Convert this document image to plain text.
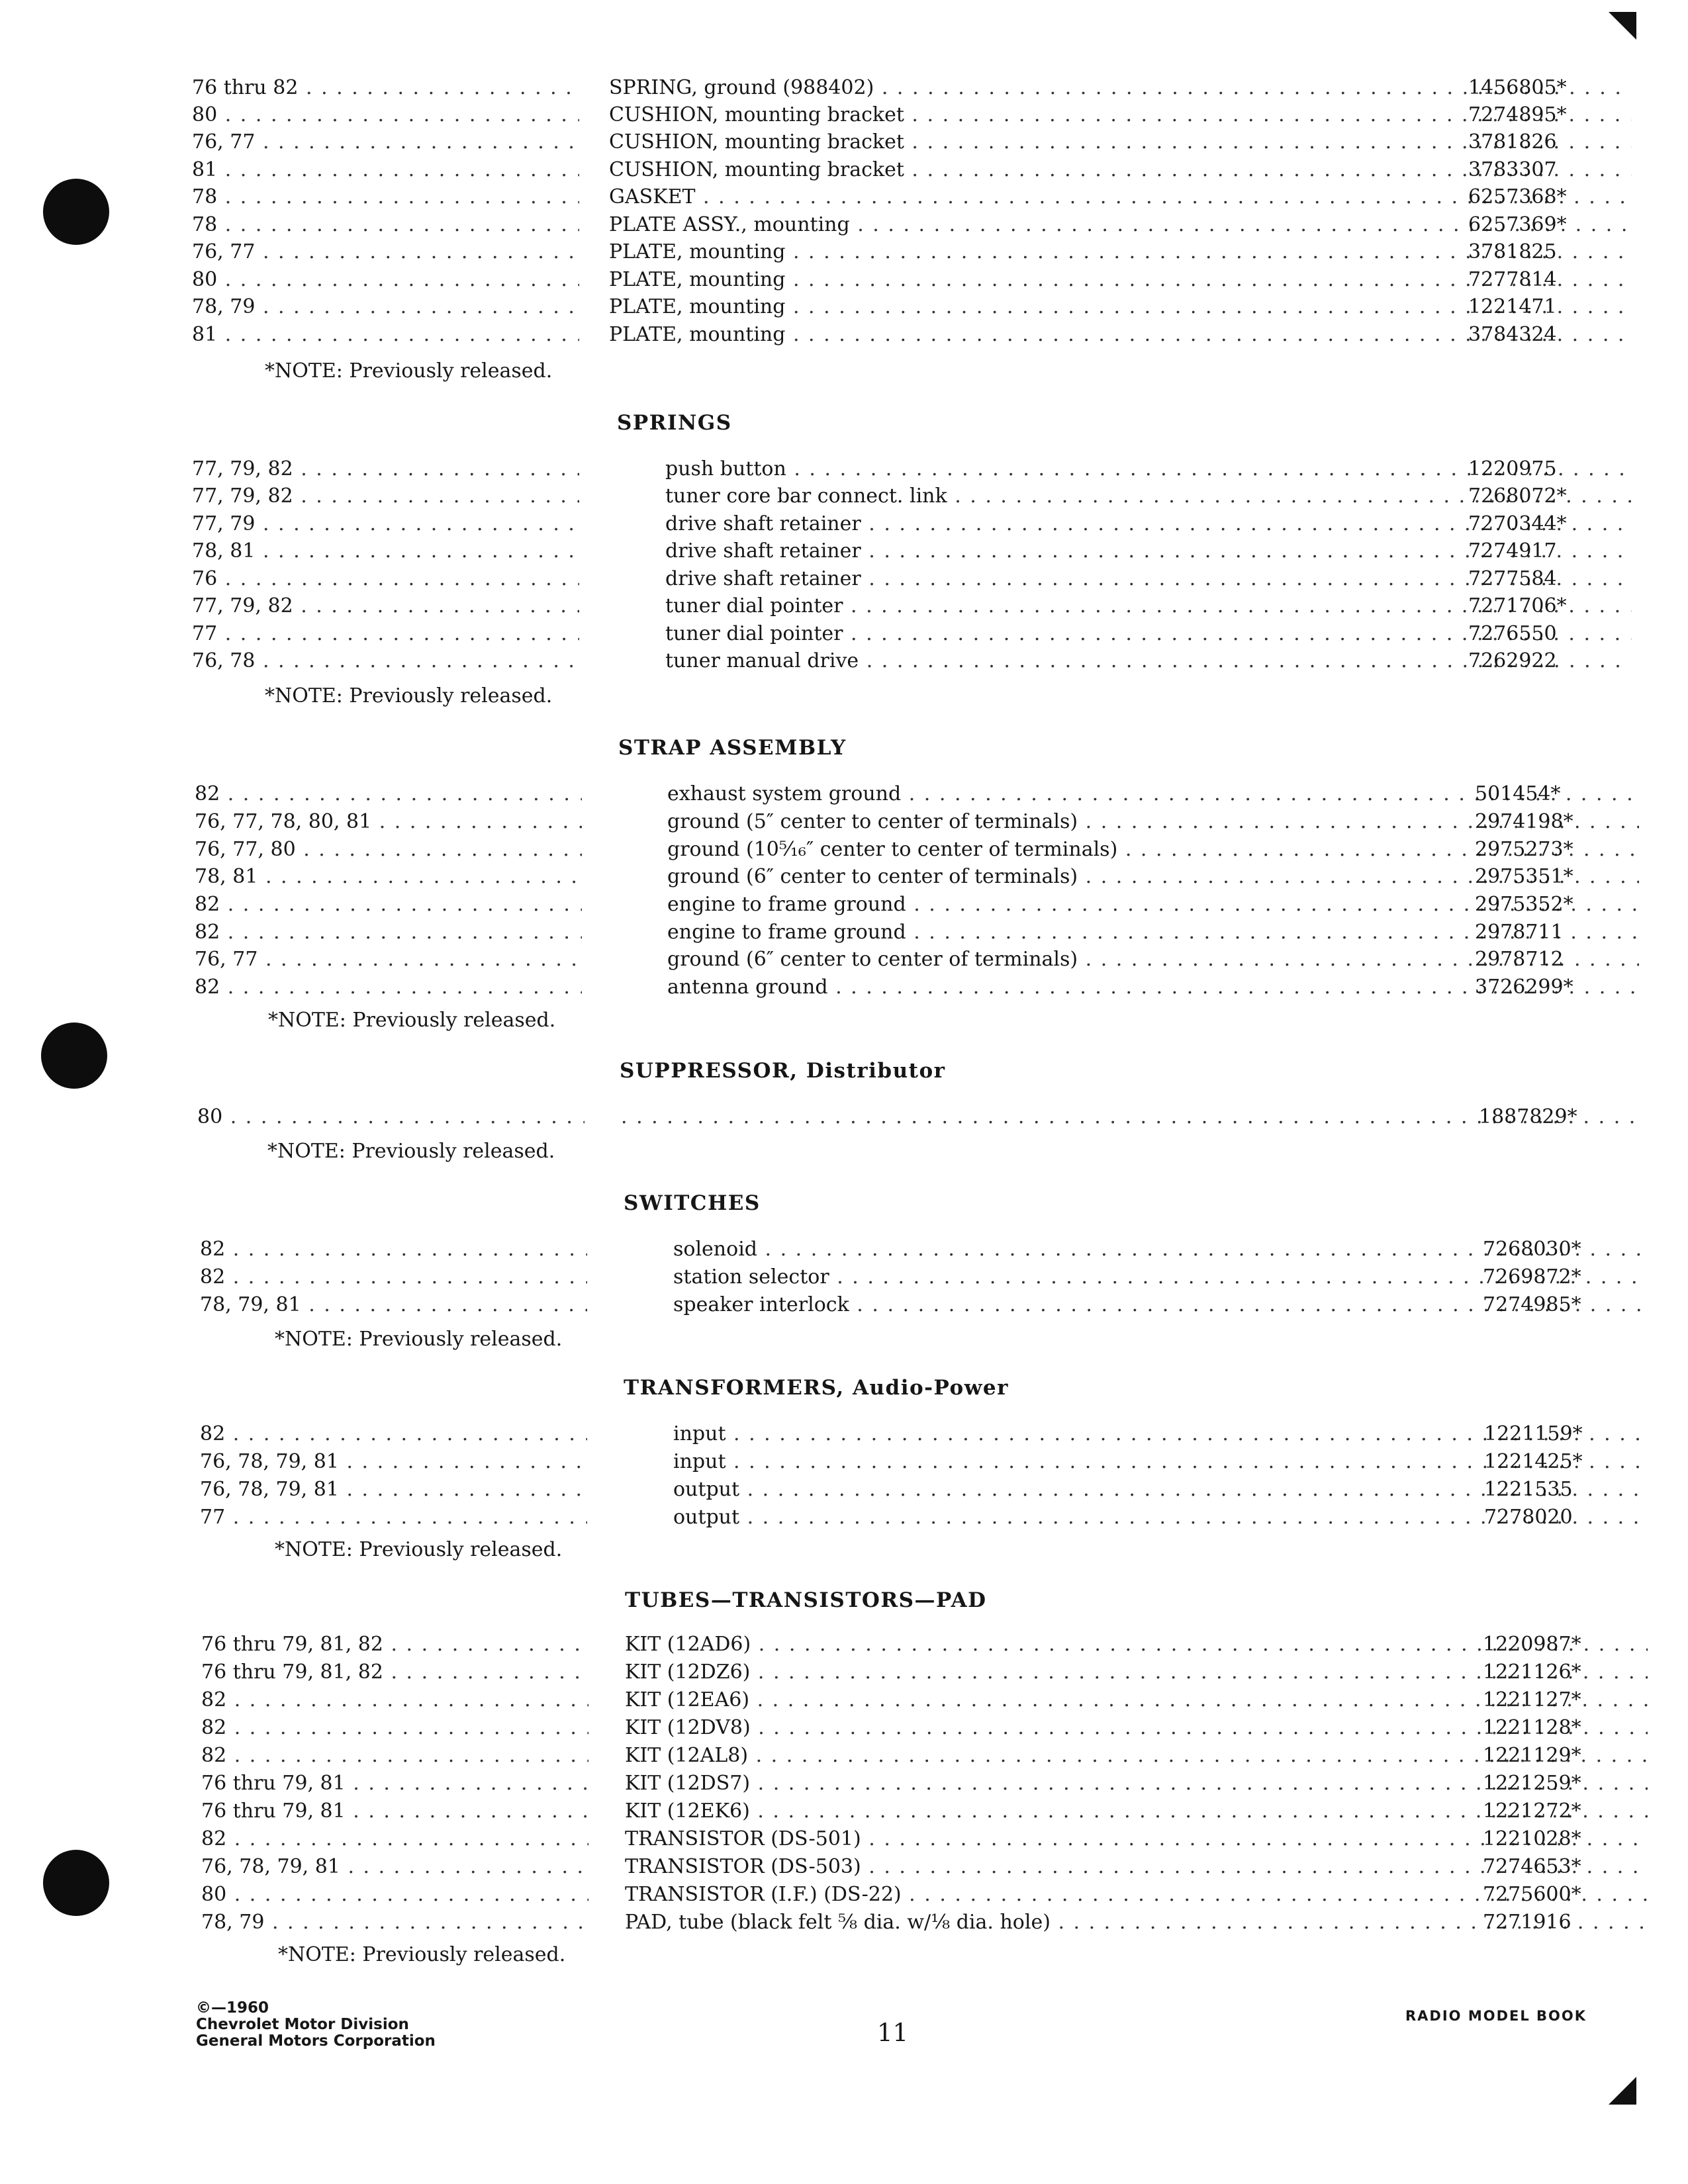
76 thru 82 . . .	SPRING, ground (988402) . . .	1456805*
80 . . .	CUSHION, mounting bracket . . .	7274895*
76, 77 . . .	CUSHION, mounting bracket . . .	3781826
81 . . .	CUSHION, mounting bracket . . .	3783307
78 . . .	GASKET . . .	6257368*
78 . . .	PLATE ASSY., mounting . . .	6257369*
76, 77 . . .	PLATE, mounting . . .	3781825
80 . . .	PLATE, mounting . . .	7277814
78, 79 . . .	PLATE, mounting . . .	1221471
81 . . .	PLATE, mounting . . .	3784324
*NOTE: Previously released.
SPRINGS
77, 79, 82 . . .	push button . . .	1220975
77, 79, 82 . . .	tuner core bar connect. link . . .	7268072*
77, 79 . . .	drive shaft retainer . . .	7270344*
78, 81 . . .	drive shaft retainer . . .	7274917
76 . . .	drive shaft retainer . . .	7277584
77, 79, 82 . . .	tuner dial pointer . . .	7271706*
77 . . .	tuner dial pointer . . .	7276550
76, 78 . . .	tuner manual drive . . .	7262922
*NOTE: Previously released.
STRAP ASSEMBLY
82 . . .	exhaust system ground . . .	501454*
76, 77, 78, 80, 81 . . .	ground (5″ center to center of terminals) . . .	2974198*
76, 77, 80 . . .	ground (10⁵⁄₁₆″ center to center of terminals) . . .	2975273*
78, 81 . . .	ground (6″ center to center of terminals) . . .	2975351*
82 . . .	engine to frame ground . . .	2975352*
82 . . .	engine to frame ground . . .	2978711
76, 77 . . .	ground (6″ center to center of terminals) . . .	2978712
82 . . .	antenna ground . . .	3726299*
*NOTE: Previously released.
SUPPRESSOR, Distributor
80 . . . . . .	1887829*
*NOTE: Previously released.
SWITCHES
82 . . .	solenoid . . .	7268030*
82 . . .	station selector . . .	7269872*
78, 79, 81 . . .	speaker interlock . . .	7274985*
*NOTE: Previously released.
TRANSFORMERS, Audio-Power
82 . . .	input . . .	1221159*
76, 78, 79, 81 . . .	input . . .	1221425*
76, 78, 79, 81 . . .	output . . .	1221535
77 . . .	output . . .	7278020
*NOTE: Previously released.
TUBES—TRANSISTORS—PAD
76 thru 79, 81, 82 . . .	KIT (12AD6) . . .	1220987*
76 thru 79, 81, 82 . . .	KIT (12DZ6) . . .	1221126*
82 . . .	KIT (12EA6) . . .	1221127*
82 . . .	KIT (12DV8) . . .	1221128*
82 . . .	KIT (12AL8) . . .	1221129*
76 thru 79, 81 . . .	KIT (12DS7) . . .	1221259*
76 thru 79, 81 . . .	KIT (12EK6) . . .	1221272*
82 . . .	TRANSISTOR (DS-501) . . .	1221028*
76, 78, 79, 81 . . .	TRANSISTOR (DS-503) . . .	7274653*
80 . . .	TRANSISTOR (I.F.) (DS-22) . . .	7275600*
78, 79 . . .	PAD, tube (black felt ⁵⁄₈ dia. w/¹⁄₈ dia. hole) . . .	7271916
*NOTE: Previously released.
©—1960
Chevrolet Motor Division
General Motors Corporation	11
RADIO MODEL BOOK
